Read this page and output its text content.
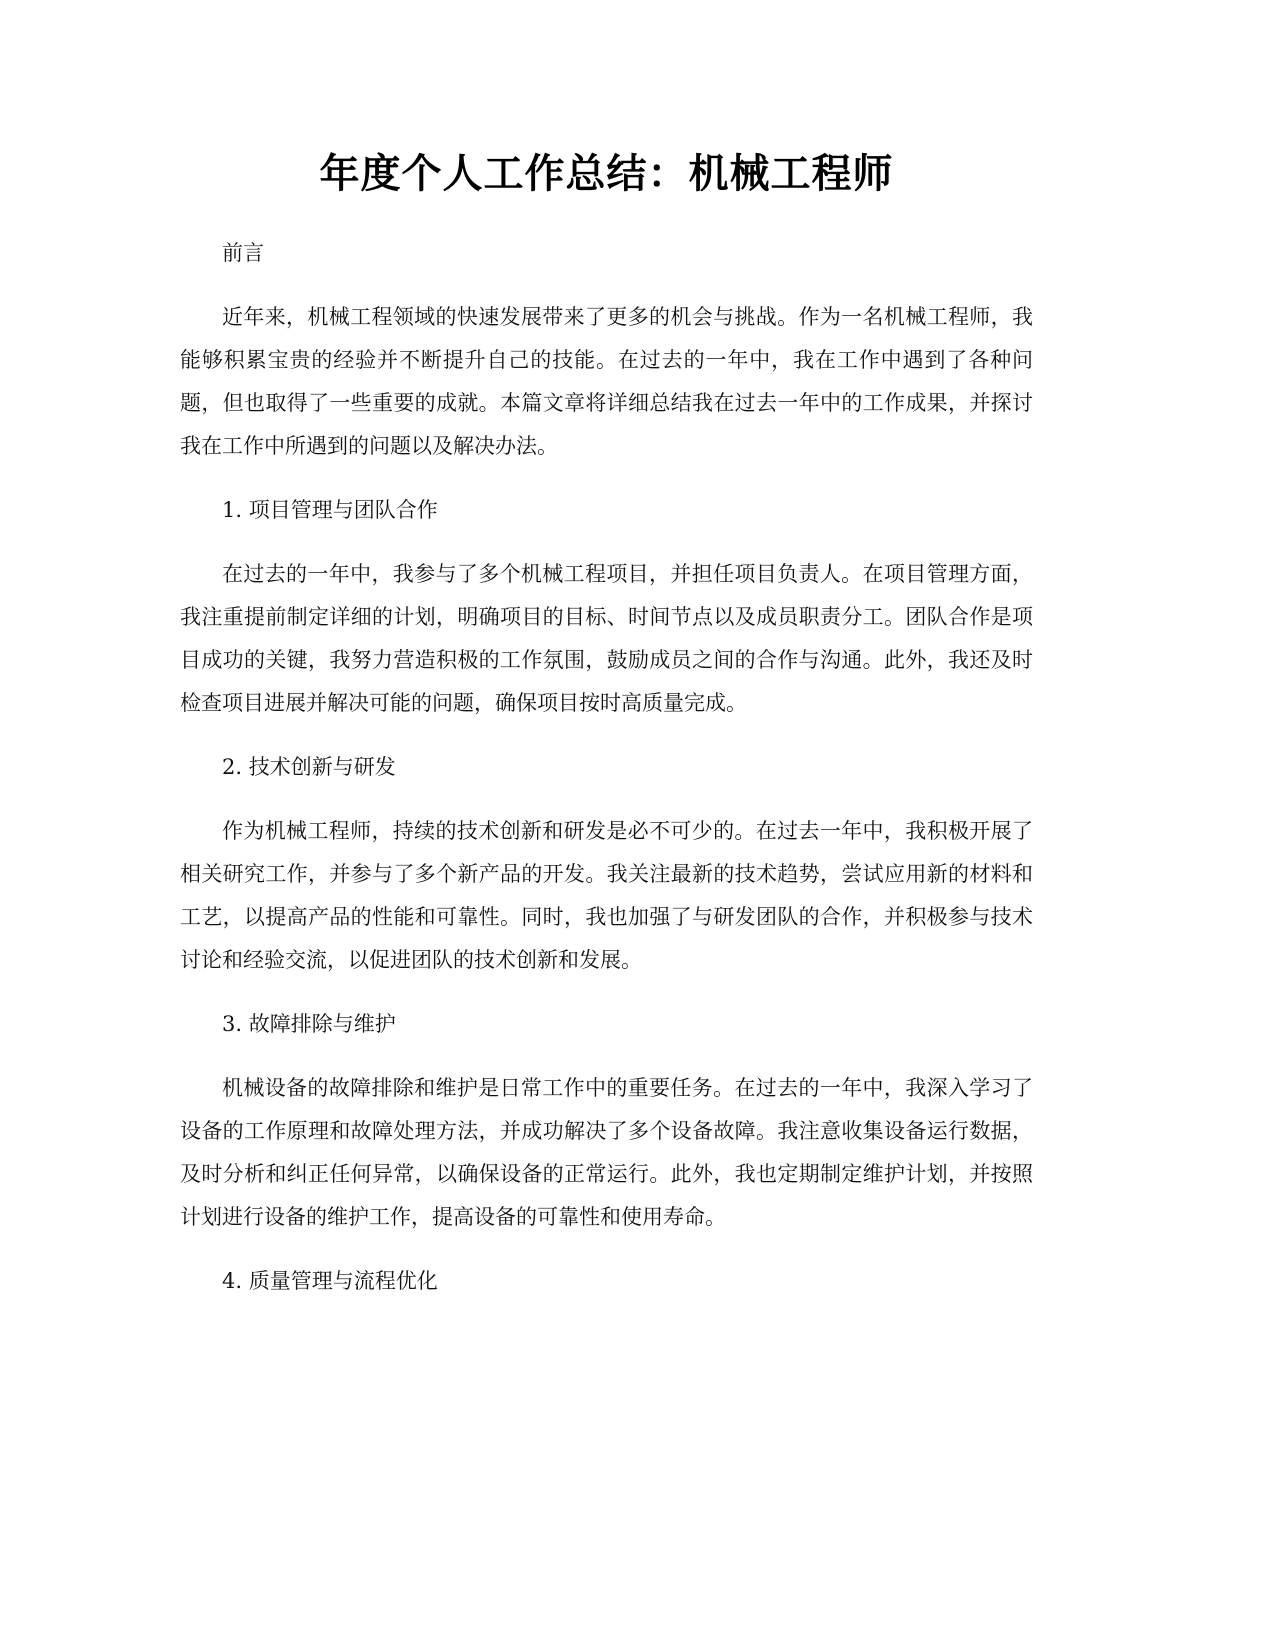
年度个人工作总结：机械工程师

前言

近年来，机械工程领域的快速发展带来了更多的机会与挑战。作为一名机械工程师，我能够积累宝贵的经验并不断提升自己的技能。在过去的一年中，我在工作中遇到了各种问题，但也取得了一些重要的成就。本篇文章将详细总结我在过去一年中的工作成果，并探讨我在工作中所遇到的问题以及解决办法。

1. 项目管理与团队合作

在过去的一年中，我参与了多个机械工程项目，并担任项目负责人。在项目管理方面，我注重提前制定详细的计划，明确项目的目标、时间节点以及成员职责分工。团队合作是项目成功的关键，我努力营造积极的工作氛围，鼓励成员之间的合作与沟通。此外，我还及时检查项目进展并解决可能的问题，确保项目按时高质量完成。

2. 技术创新与研发

作为机械工程师，持续的技术创新和研发是必不可少的。在过去一年中，我积极开展了相关研究工作，并参与了多个新产品的开发。我关注最新的技术趋势，尝试应用新的材料和工艺，以提高产品的性能和可靠性。同时，我也加强了与研发团队的合作，并积极参与技术讨论和经验交流，以促进团队的技术创新和发展。

3. 故障排除与维护

机械设备的故障排除和维护是日常工作中的重要任务。在过去的一年中，我深入学习了设备的工作原理和故障处理方法，并成功解决了多个设备故障。我注意收集设备运行数据，及时分析和纠正任何异常，以确保设备的正常运行。此外，我也定期制定维护计划，并按照计划进行设备的维护工作，提高设备的可靠性和使用寿命。

4. 质量管理与流程优化
